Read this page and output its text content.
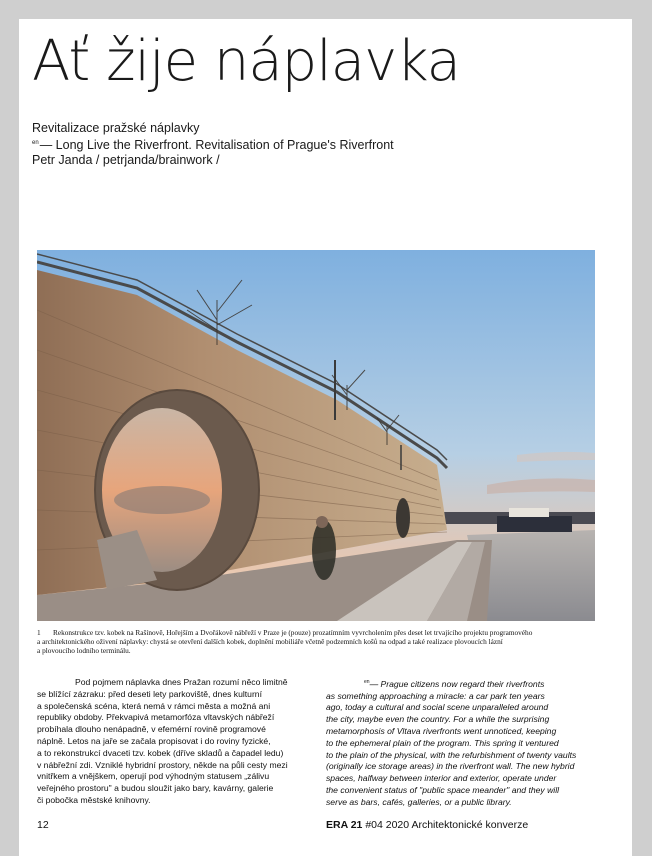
Ať žije náplavka
Revitalizace pražské náplavky
$^{en}$— Long Live the Riverfront. Revitalisation of Prague's Riverfront
Petr Janda / petrjanda/brainwork /
1 Rekonstrukce tzv. kobek na Rašínově, Hořejším a Dvořákově nábřeží v Praze je (pouze) prozatímním vyvrcholením přes deset let trvajícího projektu programového
a architektonického oživení náplavky: chystá se otevření dalších kobek, doplnění mobiliáře včetně podzemních košů na odpad a také realizace plovoucích lázní
a plovoucího lodního terminálu.

Pod pojmem náplavka dnes Pražan rozumí něco limitně

se blížící zázraku: před deseti lety parkoviště, dnes kulturní

a společenská scéna, která nemá v rámci města a možná ani

republiky obdoby. Překvapivá metamorfóza vltavských nábřeží

probíhala dlouho nenápadně, v efemérní rovině programové

náplně. Letos na jaře se začala propisovat i do roviny fyzické,

a to rekonstrukcí dvaceti tzv. kobek (dříve skladů a čapadel ledu)

v nábřežní zdi. Vzniklé hybridní prostory, někde na půli cesty mezi

vnitřkem a vnějškem, operují pod výhodným statusem „zálivu

veřejného prostoru" a budou sloužit jako bary, kavárny, galerie

či pobočka městské knihovny.

$^{en}$— Prague citizens now regard their riverfronts

as something approaching a miracle: a car park ten years

ago, today a cultural and social scene unparalleled around

the city, maybe even the country. For a while the surprising

metamorphosis of Vltava riverfronts went unnoticed, keeping

to the ephemeral plain of the program. This spring it ventured

to the plain of the physical, with the refurbishment of twenty vaults

(originally ice storage areas) in the riverfront wall. The new hybrid

spaces, halfway between interior and exterior, operate under

the convenient status of "public space meander" and they will

serve as bars, cafés, galleries, or a public library.

12	ERA 21 #04 2020 Architektonické konverze
